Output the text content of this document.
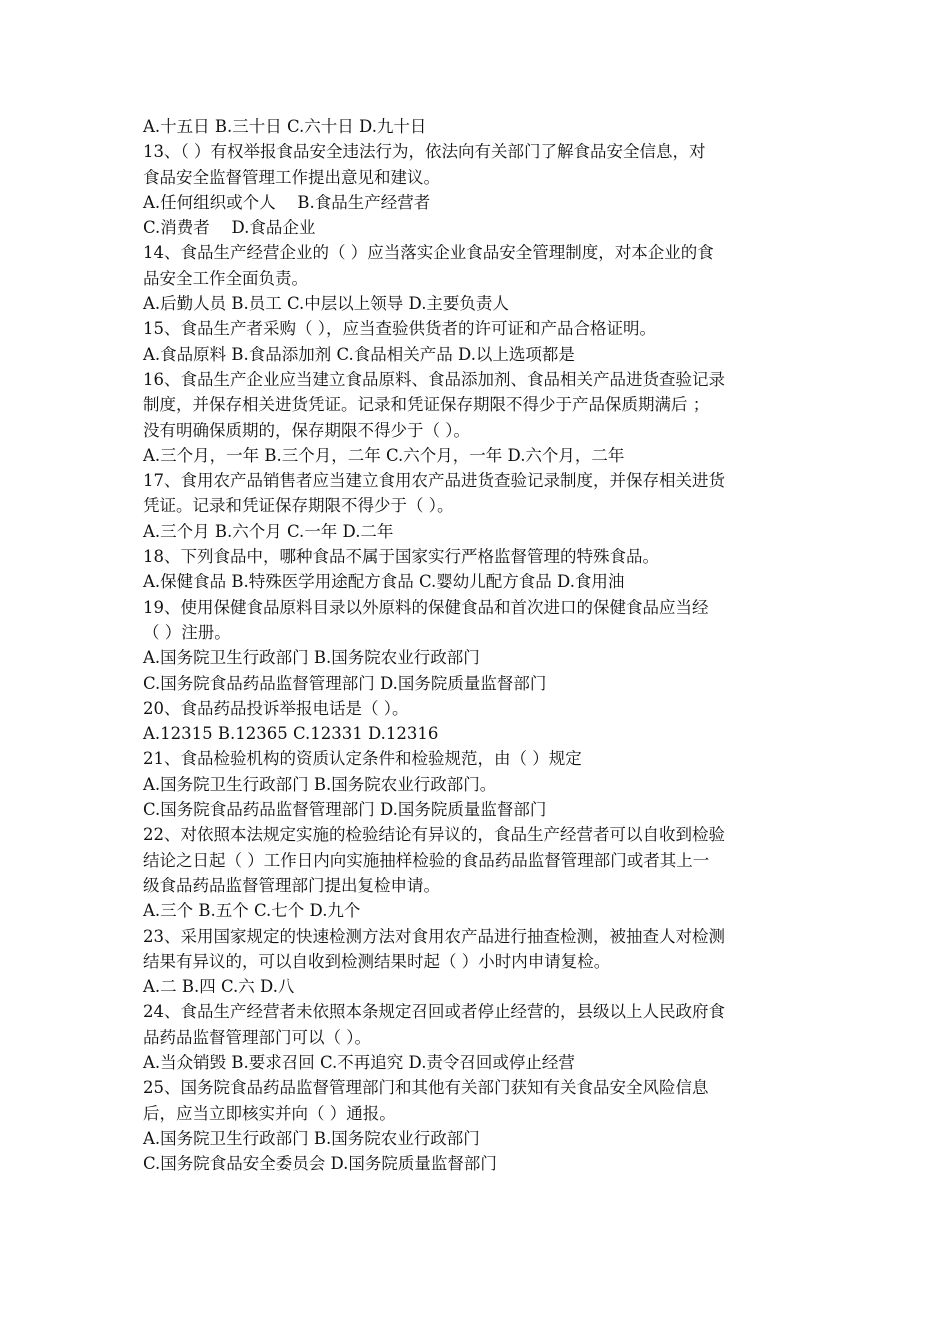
A.十五日 B.三十日 C.六十日 D.九十日
13、（ ）有权举报食品安全违法行为，依法向有关部门了解食品安全信息，对
食品安全监督管理工作提出意见和建议。
A.任何组织或个人　 B.食品生产经营者
C.消费者　 D.食品企业
14、食品生产经营企业的（ ）应当落实企业食品安全管理制度，对本企业的食
品安全工作全面负责。
A.后勤人员 B.员工 C.中层以上领导 D.主要负责人
15、食品生产者采购（ ），应当查验供货者的许可证和产品合格证明。
A.食品原料 B.食品添加剂 C.食品相关产品 D.以上选项都是
16、食品生产企业应当建立食品原料、食品添加剂、食品相关产品进货查验记录
制度，并保存相关进货凭证。记录和凭证保存期限不得少于产品保质期满后 ；
没有明确保质期的，保存期限不得少于（ ）。
A.三个月，一年 B.三个月，二年 C.六个月，一年 D.六个月，二年
17、食用农产品销售者应当建立食用农产品进货查验记录制度，并保存相关进货
凭证。记录和凭证保存期限不得少于（ ）。
A.三个月 B.六个月 C.一年 D.二年
18、下列食品中，哪种食品不属于国家实行严格监督管理的特殊食品。
A.保健食品 B.特殊医学用途配方食品 C.婴幼儿配方食品 D.食用油
19、使用保健食品原料目录以外原料的保健食品和首次进口的保健食品应当经
（ ）注册。
A.国务院卫生行政部门 B.国务院农业行政部门
C.国务院食品药品监督管理部门 D.国务院质量监督部门
20、食品药品投诉举报电话是（ ）。
A.12315 B.12365 C.12331 D.12316
21、食品检验机构的资质认定条件和检验规范，由（ ）规定
A.国务院卫生行政部门 B.国务院农业行政部门。
C.国务院食品药品监督管理部门 D.国务院质量监督部门
22、对依照本法规定实施的检验结论有异议的，食品生产经营者可以自收到检验
结论之日起（ ）工作日内向实施抽样检验的食品药品监督管理部门或者其上一
级食品药品监督管理部门提出复检申请。
A.三个 B.五个 C.七个 D.九个
23、采用国家规定的快速检测方法对食用农产品进行抽查检测，被抽查人对检测
结果有异议的，可以自收到检测结果时起（ ）小时内申请复检。
A.二 B.四 C.六 D.八
24、食品生产经营者未依照本条规定召回或者停止经营的，县级以上人民政府食
品药品监督管理部门可以（ ）。
A.当众销毁 B.要求召回 C.不再追究 D.责令召回或停止经营
25、国务院食品药品监督管理部门和其他有关部门获知有关食品安全风险信息
后，应当立即核实并向（ ）通报。
A.国务院卫生行政部门 B.国务院农业行政部门
C.国务院食品安全委员会 D.国务院质量监督部门
